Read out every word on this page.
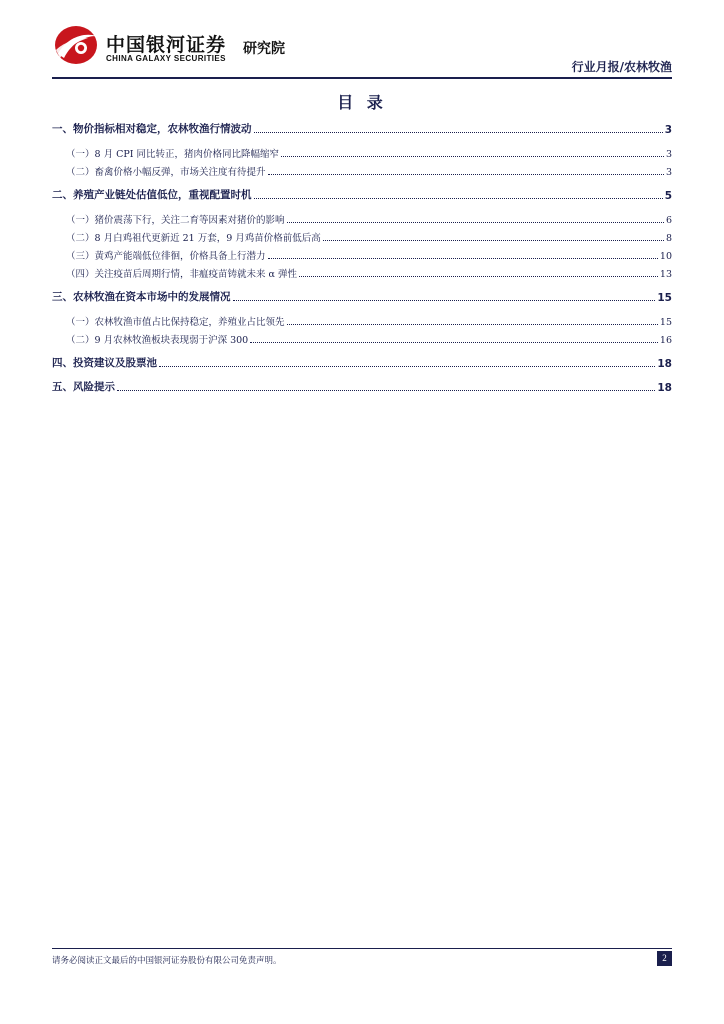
中国银河证券
CHINA GALAXY SECURITIES
研究院
行业月报/农林牧渔
目 录
一、物价指标相对稳定，农林牧渔行情波动	3
（一）8 月 CPI 同比转正，猪肉价格同比降幅缩窄	3
（二）畜禽价格小幅反弹，市场关注度有待提升	3
二、养殖产业链处估值低位，重视配置时机	5
（一）猪价震荡下行，关注二育等因素对猪价的影响	6
（二）8 月白鸡祖代更新近 21 万套，9 月鸡苗价格前低后高	8
（三）黄鸡产能端低位徘徊，价格具备上行潜力	10
（四）关注疫苗后周期行情，非瘟疫苗铸就未来 α 弹性	13
三、农林牧渔在资本市场中的发展情况	15
（一）农林牧渔市值占比保持稳定，养殖业占比领先	15
（二）9 月农林牧渔板块表现弱于沪深 300	16
四、投资建议及股票池	18
五、风险提示	18
请务必阅读正文最后的中国银河证券股份有限公司免责声明。	2
